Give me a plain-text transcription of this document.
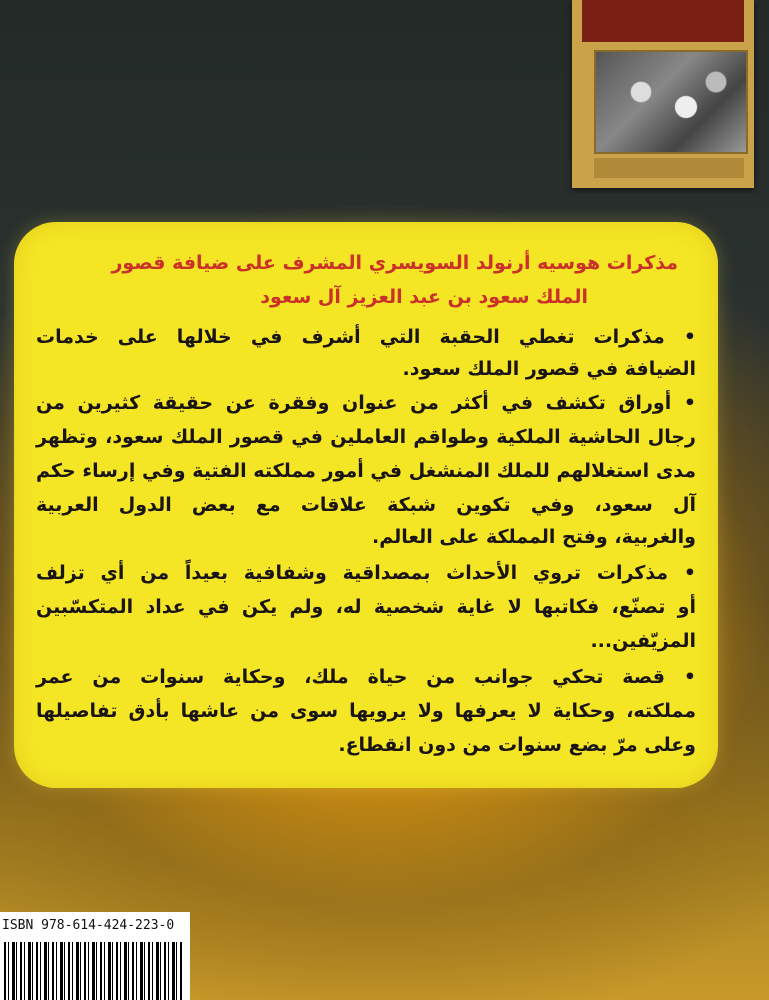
مذكرات هوسيه أرنولد السويسري المشرف على ضيافة قصور
الملك سعود بن عبد العزيز آل سعود
• مذكرات تغطي الحقبة التي أشرف في خلالها على خدمات
الضيافة في قصور الملك سعود.
• أوراق تكشف في أكثر من عنوان وفقرة عن حقيقة كثيرين من
رجال الحاشية الملكية وطواقم العاملين في قصور الملك سعود، وتظهر
مدى استغلالهم للملك المنشغل في أمور مملكته الفتية وفي إرساء حكم
آل سعود، وفي تكوين شبكة علاقات مع بعض الدول العربية
والغربية، وفتح المملكة على العالم.
• مذكرات تروي الأحداث بمصداقية وشفافية بعيداً من أي تزلف
أو تصنّع، فكاتبها لا غاية شخصية له، ولم يكن في عداد المتكسّبين
المزيّفين...
• قصة تحكي جوانب من حياة ملك، وحكاية سنوات من عمر
مملكته، وحكاية لا يعرفها ولا يرويها سوى من عاشها بأدق تفاصيلها
وعلى مرّ بضع سنوات من دون انقطاع.
ISBN 978-614-424-223-0
